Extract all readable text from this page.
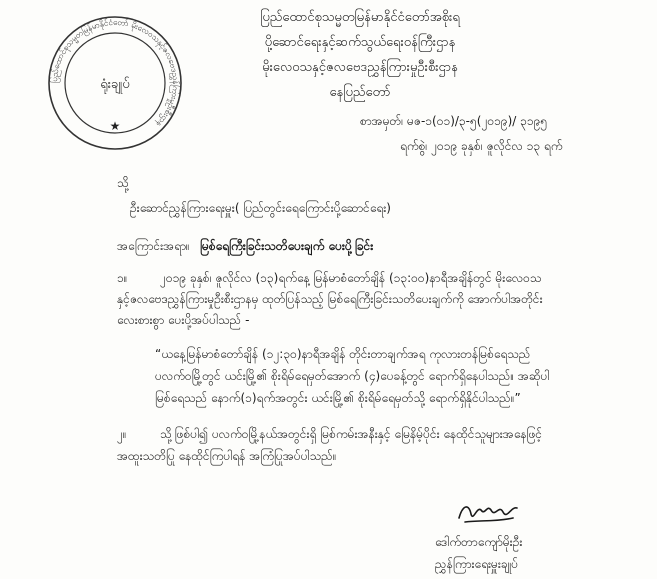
ပြည်ထောင်စုသမ္မတမြန်မာနိုင်ငံတော် မိုးလေဝသနှင့်ဇလဗေဒညွှန်ကြားမှုဦးစီးဌာန
ရုံးချုပ်
★
ပြည်ထောင်စုသမ္မတမြန်မာနိုင်ငံတော်အစိုးရ
ပို့ဆောင်ရေးနှင့်ဆက်သွယ်ရေးဝန်ကြီးဌာန
မိုးလေဝသနှင့်ဇလဗေဒညွှန်ကြားမှုဦးစီးဌာန
နေပြည်တော်
စာအမှတ်၊ မဇ-၁(၀၁)/၃-၅(၂၀၁၉)/ ၃၁၉၅
ရက်စွဲ၊ ၂၀၁၉ ခုနှစ်၊ ဇူလိုင်လ ၁၃ ရက်
သို့
ဦးဆောင်ညွှန်ကြားရေးမှူး( ပြည်တွင်းရေကြောင်းပို့ဆောင်ရေး)
အကြောင်းအရာ။ မြစ်ရေကြီးခြင်းသတိပေးချက် ပေးပို့ခြင်း
၁။	၂၀၁၉ ခုနှစ်၊ ဇူလိုင်လ (၁၃)ရက်နေ့ မြန်မာစံတော်ချိန် (၁၃:၀၀)နာရီအချိန်တွင် မိုးလေဝသ
နှင့်ဇလဗေဒညွှန်ကြားမှုဦးစီးဌာနမှ ထုတ်ပြန်သည့် မြစ်ရေကြီးခြင်းသတိပေးချက်ကို အောက်ပါအတိုင်း
လေးစားစွာ ပေးပို့အပ်ပါသည် -
“ယနေ့မြန်မာစံတော်ချိန် (၁၂:၃၀)နာရီအချိန် တိုင်းတာချက်အရ ကုလားတန်မြစ်ရေသည်
ပလက်ဝမြို့တွင် ယင်းမြို့၏ စိုးရိမ်ရေမှတ်အောက် (၄)ပေခန့်တွင် ရောက်ရှိနေပါသည်။ အဆိုပါ
မြစ်ရေသည် နောက်(၁)ရက်အတွင်း ယင်းမြို့၏ စိုးရိမ်ရေမှတ်သို့ ရောက်ရှိနိုင်ပါသည်။”
၂။	သို့ဖြစ်ပါ၍ ပလက်ဝမြို့နယ်အတွင်းရှိ မြစ်ကမ်းအနီးနှင့် မြေနိမ့်ပိုင်း နေထိုင်သူများအနေဖြင့်
အထူးသတိပြု နေထိုင်ကြပါရန် အကြံပြုအပ်ပါသည်။
ဒေါက်တာကျော်မိုးဦး
ညွှန်ကြားရေးမှူးချုပ်
